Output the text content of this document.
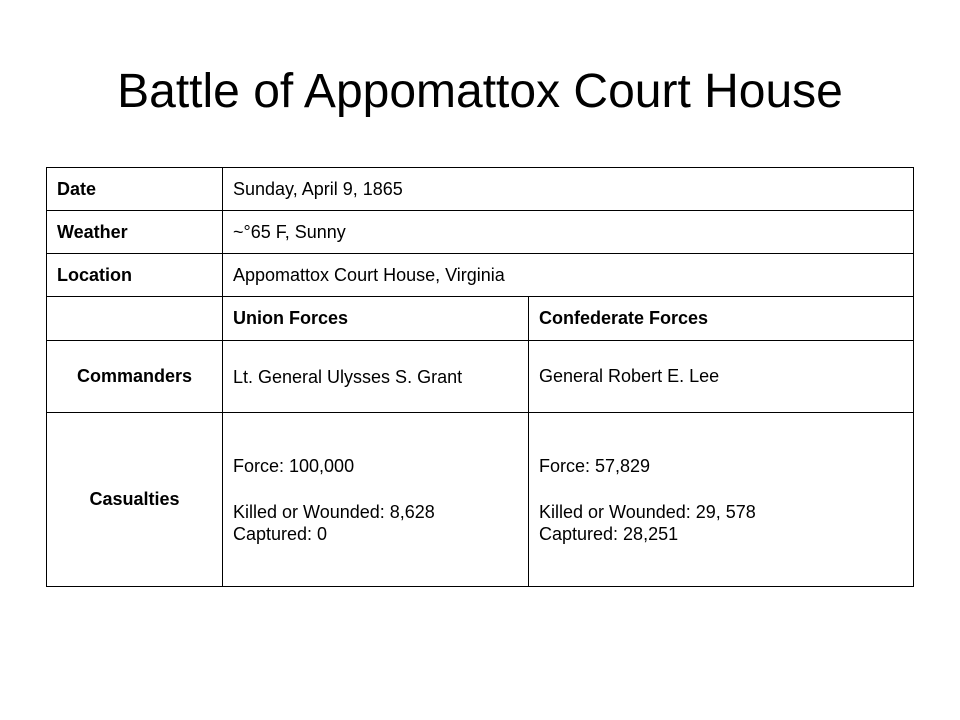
Battle of Appomattox Court House
Date	Sunday, April 9, 1865	
Weather	~°65 F, Sunny	
Location	Appomattox Court House, Virginia	
	Union Forces	Confederate Forces
Commanders	Lt. General Ulysses S. Grant	General Robert E. Lee
Casualties	Force: 100,000
Killed or Wounded: 8,628
Captured: 0	Force: 57,829
Killed or Wounded: 29, 578
Captured: 28,251
